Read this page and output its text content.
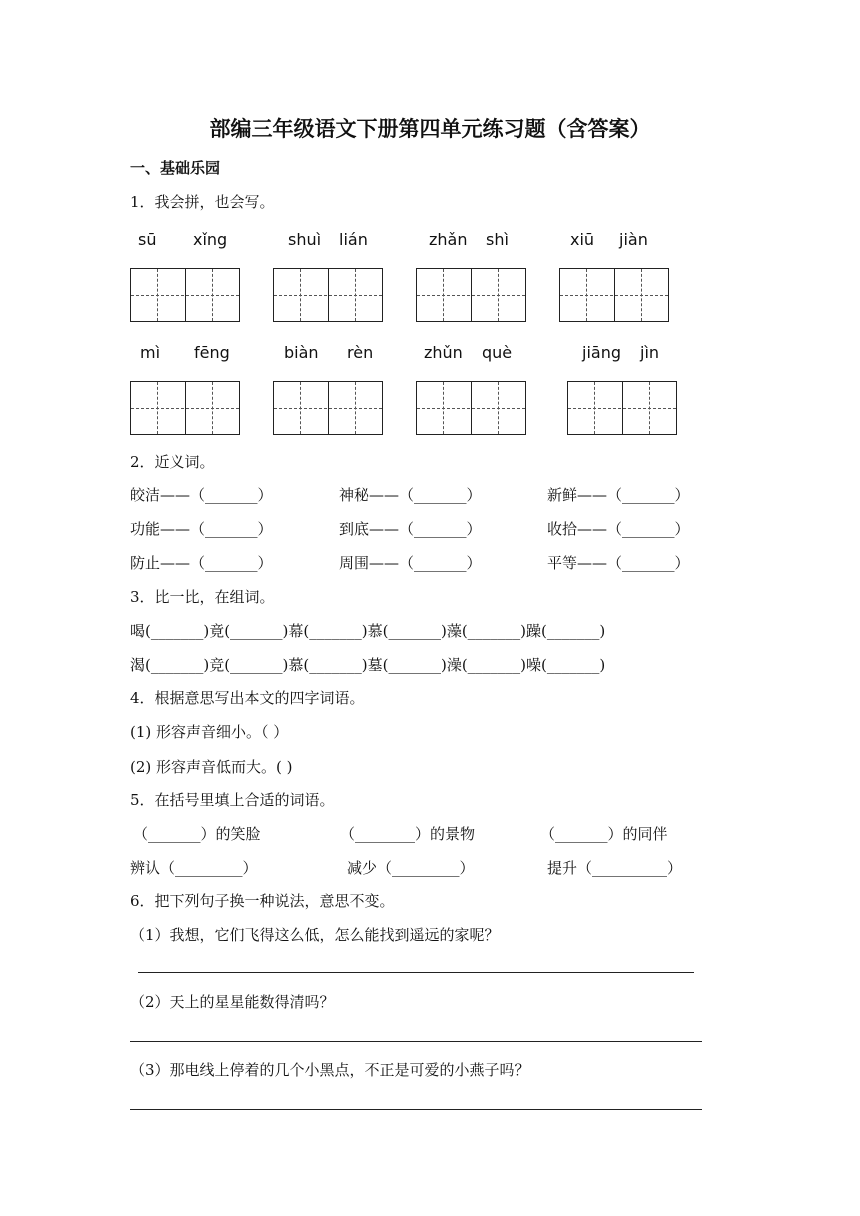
部编三年级语文下册第四单元练习题（含答案）
一、基础乐园
1．我会拼，也会写。
sū xǐng	shuì lián	zhǎn shì	xiū jiàn
mì fēng	biàn rèn	zhǔn què	jiāng jìn
2．近义词。
皎洁——（_______）	神秘——（_______）	新鲜——（_______）
功能——（_______）	到底——（_______）	收拾——（_______）
防止——（_______）	周围——（_______）	平等——（_______）
3．比一比，在组词。
喝(_______)竟(_______)幕(_______)慕(_______)藻(_______)躁(_______)
渴(_______)竞(_______)慕(_______)墓(_______)澡(_______)噪(_______)
4．根据意思写出本文的四字词语。
(1) 形容声音细小。（ ）
(2) 形容声音低而大。( )
5．在括号里填上合适的词语。
（_______）的笑脸	（________）的景物	（_______）的同伴
辨认（_________）	减少（_________）	提升（__________）
6．把下列句子换一种说法，意思不变。
（1）我想，它们飞得这么低，怎么能找到遥远的家呢？
（2）天上的星星能数得清吗？
（3）那电线上停着的几个小黑点，不正是可爱的小燕子吗？
